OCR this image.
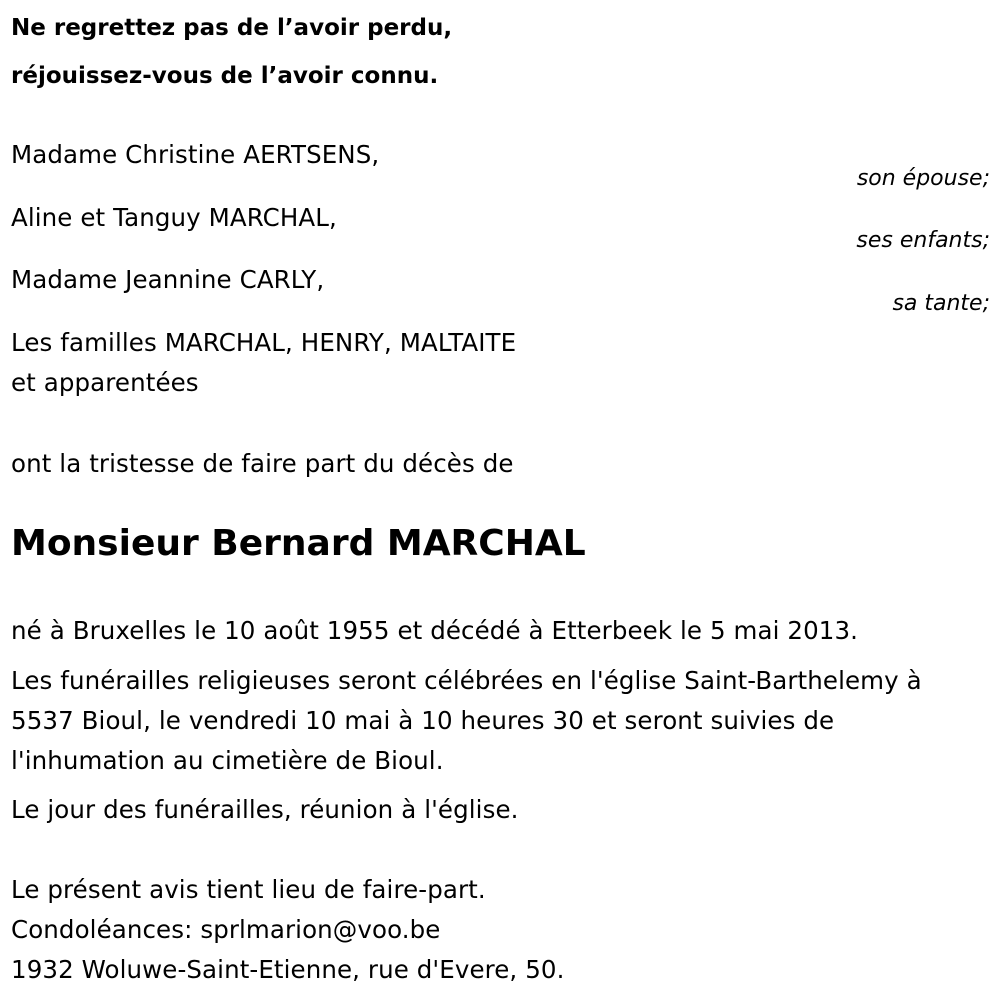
Ne regrettez pas de l’avoir perdu,
réjouissez-vous de l’avoir connu.
Madame Christine AERTSENS,
son épouse;
Aline et Tanguy MARCHAL,
ses enfants;
Madame Jeannine CARLY,
sa tante;
Les familles MARCHAL, HENRY, MALTAITE
et apparentées
ont la tristesse de faire part du décès de
Monsieur Bernard MARCHAL
né à Bruxelles le 10 août 1955 et décédé à Etterbeek le 5 mai 2013.
Les funérailles religieuses seront célébrées en l'église Saint-Barthelemy à
5537 Bioul, le vendredi 10 mai à 10 heures 30 et seront suivies de
l'inhumation au cimetière de Bioul.
Le jour des funérailles, réunion à l'église.
Le présent avis tient lieu de faire-part.
Condoléances: sprlmarion@voo.be
1932 Woluwe-Saint-Etienne, rue d'Evere, 50.
